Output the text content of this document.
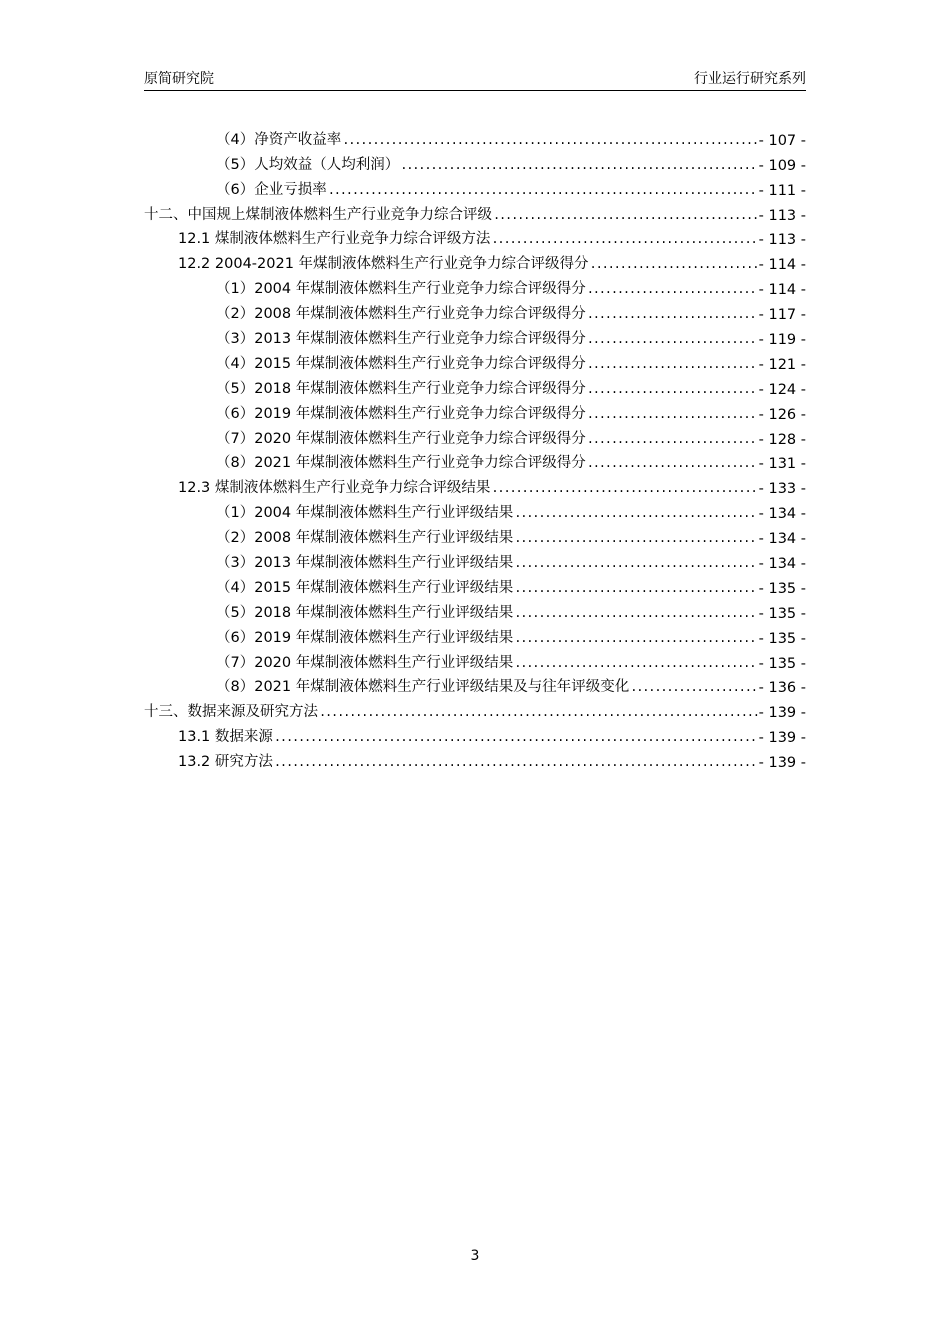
原简研究院	行业运行研究系列
（4）净资产收益率 .....	- 107 -
（5）人均效益（人均利润） .....	- 109 -
（6）企业亏损率 .....	- 111 -
十二、中国规上煤制液体燃料生产行业竞争力综合评级 .....	- 113 -
12.1 煤制液体燃料生产行业竞争力综合评级方法 .....	- 113 -
12.2 2004-2021 年煤制液体燃料生产行业竞争力综合评级得分 .....	- 114 -
（1）2004 年煤制液体燃料生产行业竞争力综合评级得分 .....	- 114 -
（2）2008 年煤制液体燃料生产行业竞争力综合评级得分 .....	- 117 -
（3）2013 年煤制液体燃料生产行业竞争力综合评级得分 .....	- 119 -
（4）2015 年煤制液体燃料生产行业竞争力综合评级得分 .....	- 121 -
（5）2018 年煤制液体燃料生产行业竞争力综合评级得分 .....	- 124 -
（6）2019 年煤制液体燃料生产行业竞争力综合评级得分 .....	- 126 -
（7）2020 年煤制液体燃料生产行业竞争力综合评级得分 .....	- 128 -
（8）2021 年煤制液体燃料生产行业竞争力综合评级得分 .....	- 131 -
12.3 煤制液体燃料生产行业竞争力综合评级结果 .....	- 133 -
（1）2004 年煤制液体燃料生产行业评级结果 .....	- 134 -
（2）2008 年煤制液体燃料生产行业评级结果 .....	- 134 -
（3）2013 年煤制液体燃料生产行业评级结果 .....	- 134 -
（4）2015 年煤制液体燃料生产行业评级结果 .....	- 135 -
（5）2018 年煤制液体燃料生产行业评级结果 .....	- 135 -
（6）2019 年煤制液体燃料生产行业评级结果 .....	- 135 -
（7）2020 年煤制液体燃料生产行业评级结果 .....	- 135 -
（8）2021 年煤制液体燃料生产行业评级结果及与往年评级变化 .....	- 136 -
十三、数据来源及研究方法 .....	- 139 -
13.1 数据来源 .....	- 139 -
13.2 研究方法 .....	- 139 -
3
